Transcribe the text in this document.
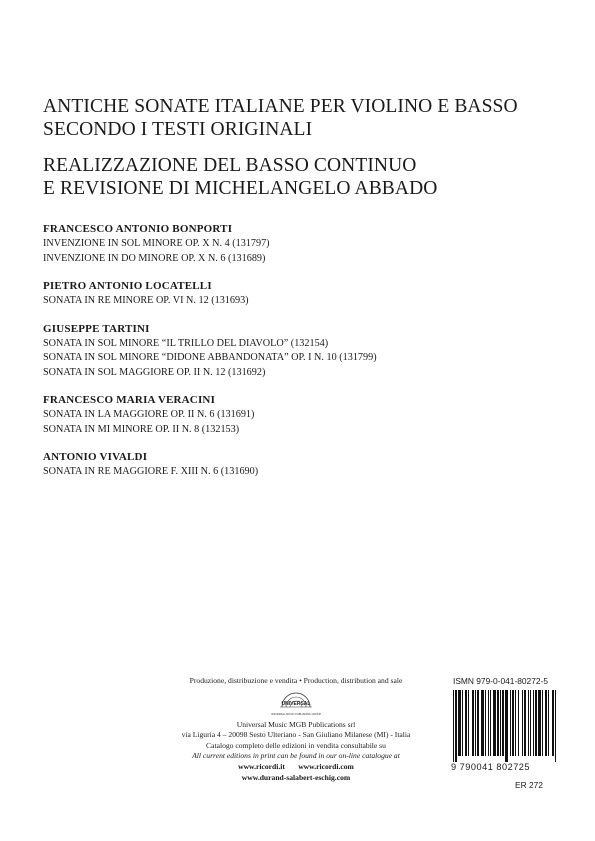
ANTICHE SONATE ITALIANE PER VIOLINO E BASSO
SECONDO I TESTI ORIGINALI
REALIZZAZIONE DEL BASSO CONTINUO
E REVISIONE DI MICHELANGELO ABBADO
FRANCESCO ANTONIO BONPORTI
INVENZIONE IN SOL MINORE OP. X N. 4 (131797)
INVENZIONE IN DO MINORE OP. X N. 6 (131689)
PIETRO ANTONIO LOCATELLI
SONATA IN RE MINORE OP. VI N. 12 (131693)
GIUSEPPE TARTINI
SONATA IN SOL MINORE “IL TRILLO DEL DIAVOLO” (132154)
SONATA IN SOL MINORE “DIDONE ABBANDONATA” OP. I N. 10 (131799)
SONATA IN SOL MAGGIORE OP. II N. 12 (131692)
FRANCESCO MARIA VERACINI
SONATA IN LA MAGGIORE OP. II N. 6 (131691)
SONATA IN MI MINORE OP. II N. 8 (132153)
ANTONIO VIVALDI
SONATA IN RE MAGGIORE F. XIII N. 6 (131690)
Produzione, distribuzione e vendita • Production, distribution and sale
UNIVERSAL
UNIVERSAL MUSIC PUBLISHING GROUP
Universal Music MGB Publications srl
via Liguria 4 – 20098 Sesto Ulteriano - San Giuliano Milanese (MI) - Italia
Catalogo completo delle edizioni in vendita consultabile su
All current editions in print can be found in our on-line catalogue at
www.ricordi.it       www.ricordi.com
www.durand-salabert-eschig.com
ISMN 979-0-041-80272-5
9 790041 802725
ER 272
